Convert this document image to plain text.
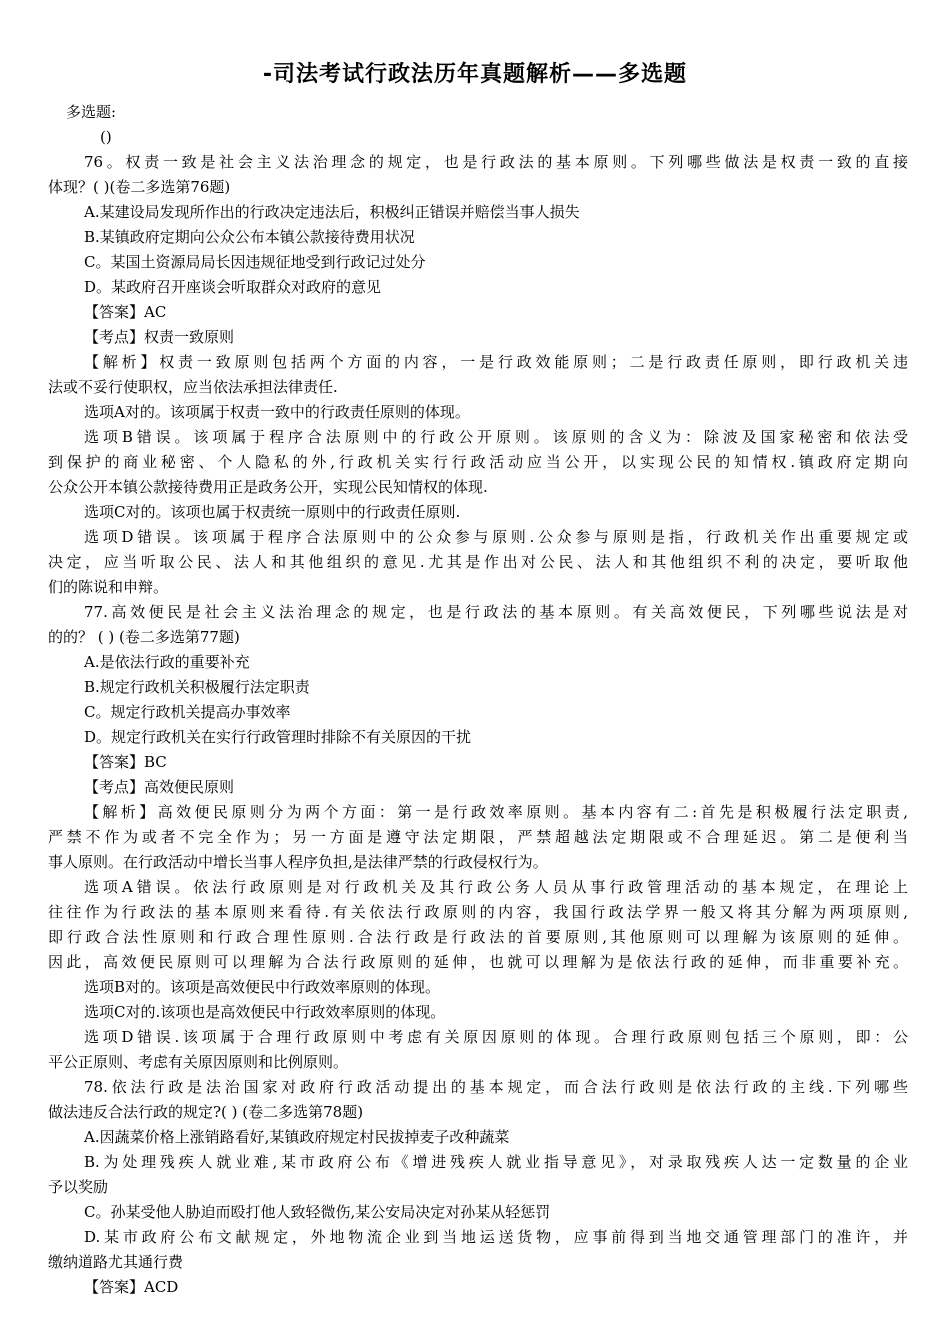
-司法考试行政法历年真题解析——多选题
多选题:
()
76。权责一致是社会主义法治理念的规定，也是行政法的基本原则。下列哪些做法是权责一致的直接
体现？( )(卷二多选第76题)
A.某建设局发现所作出的行政决定违法后，积极纠正错误并赔偿当事人损失
B.某镇政府定期向公众公布本镇公款接待费用状况
C。某国土资源局局长因违规征地受到行政记过处分
D。某政府召开座谈会听取群众对政府的意见
【答案】AC
【考点】权责一致原则
【解析】权责一致原则包括两个方面的内容，一是行政效能原则；二是行政责任原则，即行政机关违
法或不妥行使职权，应当依法承担法律责任.
选项A对的。该项属于权责一致中的行政责任原则的体现。
选项B错误。该项属于程序合法原则中的行政公开原则。该原则的含义为：除波及国家秘密和依法受
到保护的商业秘密、个人隐私的外,行政机关实行行政活动应当公开，以实现公民的知情权.镇政府定期向
公众公开本镇公款接待费用正是政务公开，实现公民知情权的体现.
选项C对的。该项也属于权责统一原则中的行政责任原则.
选项D错误。该项属于程序合法原则中的公众参与原则.公众参与原则是指，行政机关作出重要规定或
决定，应当听取公民、法人和其他组织的意见.尤其是作出对公民、法人和其他组织不利的决定，要听取他
们的陈说和申辩。
77.高效便民是社会主义法治理念的规定，也是行政法的基本原则。有关高效便民，下列哪些说法是对
的的？ ( ) (卷二多选第77题)
A.是依法行政的重要补充
B.规定行政机关积极履行法定职责
C。规定行政机关提高办事效率
D。规定行政机关在实行行政管理时排除不有关原因的干扰
【答案】BC
【考点】高效便民原则
【解析】高效便民原则分为两个方面：第一是行政效率原则。基本内容有二:首先是积极履行法定职责,
严禁不作为或者不完全作为；另一方面是遵守法定期限，严禁超越法定期限或不合理延迟。第二是便利当
事人原则。在行政活动中增长当事人程序负担,是法律严禁的行政侵权行为。
选项A错误。依法行政原则是对行政机关及其行政公务人员从事行政管理活动的基本规定，在理论上
往往作为行政法的基本原则来看待.有关依法行政原则的内容，我国行政法学界一般又将其分解为两项原则,
即行政合法性原则和行政合理性原则.合法行政是行政法的首要原则,其他原则可以理解为该原则的延伸。
因此，高效便民原则可以理解为合法行政原则的延伸，也就可以理解为是依法行政的延伸，而非重要补充。
选项B对的。该项是高效便民中行政效率原则的体现。
选项C对的.该项也是高效便民中行政效率原则的体现。
选项D错误.该项属于合理行政原则中考虑有关原因原则的体现。合理行政原则包括三个原则，即：公
平公正原则、考虑有关原因原则和比例原则。
78.依法行政是法治国家对政府行政活动提出的基本规定，而合法行政则是依法行政的主线.下列哪些
做法违反合法行政的规定?( ) (卷二多选第78题)
A.因蔬菜价格上涨销路看好,某镇政府规定村民拔掉麦子改种蔬菜
B.为处理残疾人就业难,某市政府公布《增进残疾人就业指导意见》，对录取残疾人达一定数量的企业
予以奖励
C。孙某受他人胁迫而殴打他人致轻微伤,某公安局决定对孙某从轻惩罚
D.某市政府公布文献规定，外地物流企业到当地运送货物，应事前得到当地交通管理部门的准许，并
缴纳道路尤其通行费
【答案】ACD
